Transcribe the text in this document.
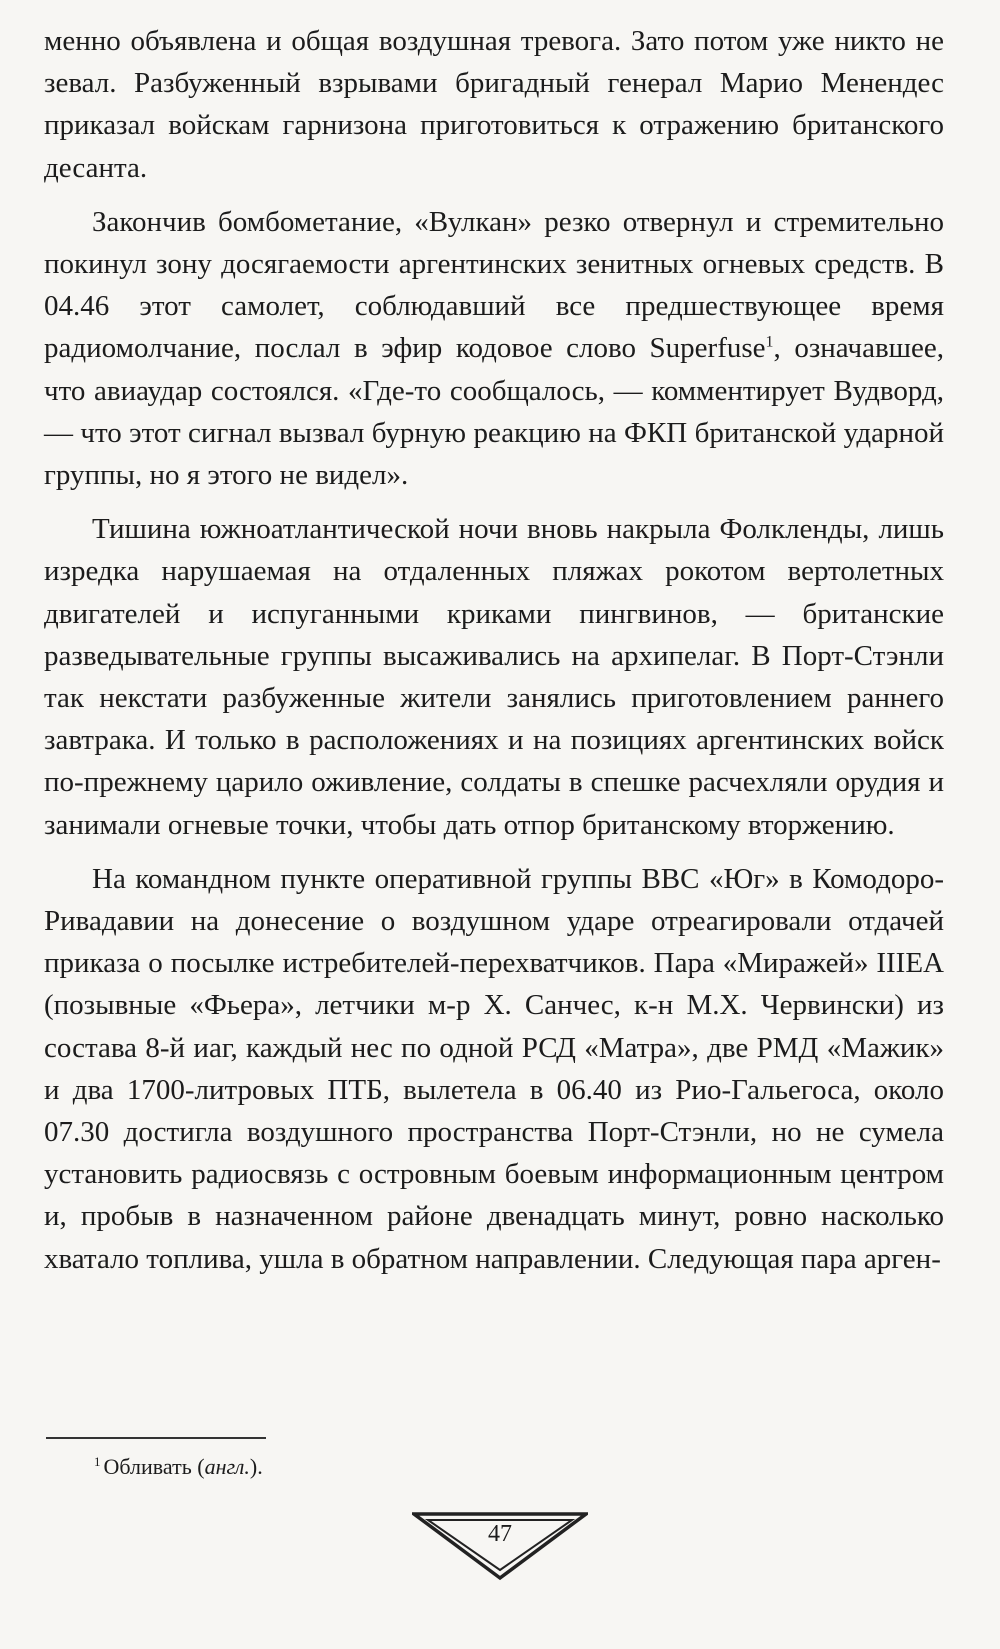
менно объявлена и общая воздушная тревога. Зато потом уже никто не зевал. Разбуженный взрывами бригадный генерал Марио Менендес приказал войскам гарнизона приготовиться к отражению британского десанта.

Закончив бомбометание, «Вулкан» резко отвернул и стремительно покинул зону досягаемости аргентинских зенитных огневых средств. В 04.46 этот самолет, соблюдавший все предшествующее время радиомолчание, послал в эфир кодовое слово Superfuse$^1$, означавшее, что авиаудар состоялся. «Где-то сообщалось, — комментирует Вудворд, — что этот сигнал вызвал бурную реакцию на ФКП британской ударной группы, но я этого не видел».

Тишина южноатлантической ночи вновь накрыла Фолкленды, лишь изредка нарушаемая на отдаленных пляжах рокотом вертолетных двигателей и испуганными криками пингвинов, — британские разведывательные группы высаживались на архипелаг. В Порт-Стэнли так некстати разбуженные жители занялись приготовлением раннего завтрака. И только в расположениях и на позициях аргентинских войск по-прежнему царило оживление, солдаты в спешке расчехляли орудия и занимали огневые точки, чтобы дать отпор британскому вторжению.

На командном пункте оперативной группы ВВС «Юг» в Комодоро-Ривадавии на донесение о воздушном ударе отреагировали отдачей приказа о посылке истребителей-перехватчиков. Пара «Миражей» IIIEA (позывные «Фьера», летчики м-р Х. Санчес, к-н М.Х. Червински) из состава 8-й иаг, каждый нес по одной РСД «Матра», две РМД «Мажик» и два 1700-литровых ПТБ, вылетела в 06.40 из Рио-Гальегоса, около 07.30 достигла воздушного пространства Порт-Стэнли, но не сумела установить радиосвязь с островным боевым информационным центром и, пробыв в назначенном районе двенадцать минут, ровно насколько хватало топлива, ушла в обратном направлении. Следующая пара арген-

$^1$ Обливать (англ.).
47
